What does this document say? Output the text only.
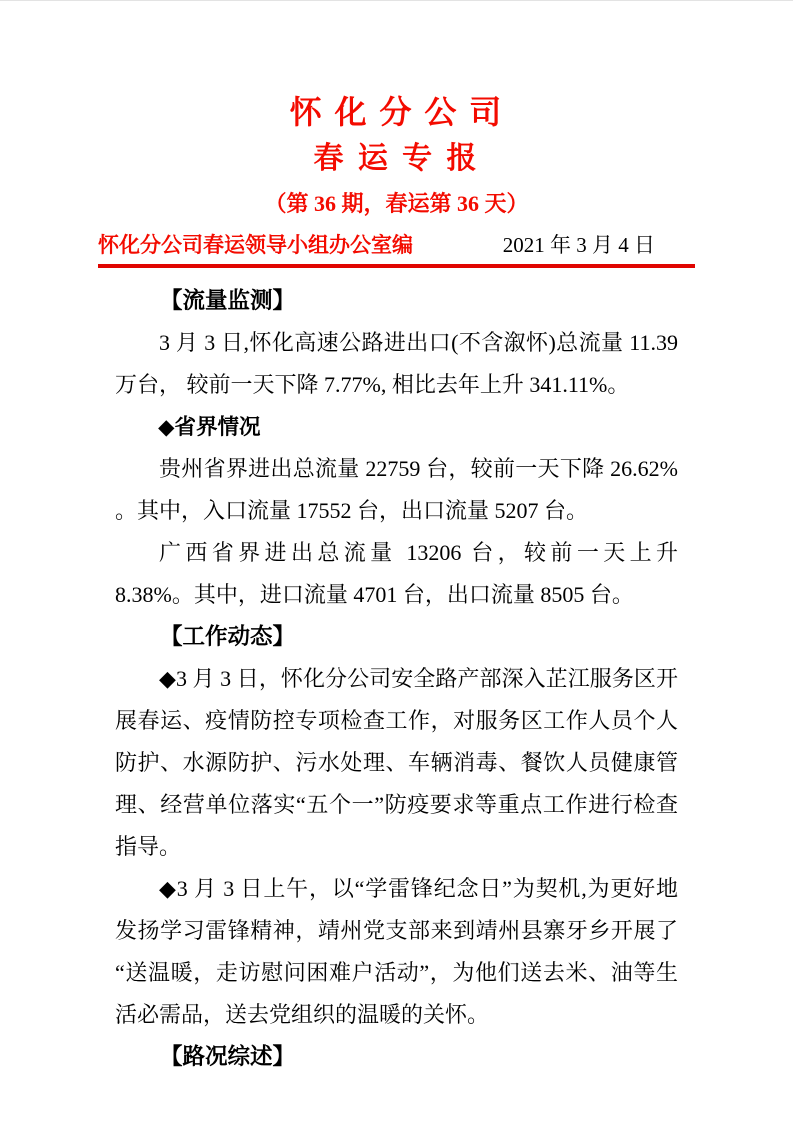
怀 化 分 公 司
春 运 专 报
（第 36 期，春运第 36 天）
怀化分公司春运领导小组办公室编	2021 年 3 月 4 日

【流量监测】

3 月 3 日,怀化高速公路进出口(不含溆怀)总流量 11.39 万台， 较前一天下降 7.77%, 相比去年上升 341.11%。

◆省界情况

贵州省界进出总流量 22759 台，较前一天下降 26.62% 。其中，入口流量 17552 台，出口流量 5207 台。

广西省界进出总流量 13206 台，较前一天上升 8.38%。其中，进口流量 4701 台，出口流量 8505 台。

【工作动态】

◆3 月 3 日，怀化分公司安全路产部深入芷江服务区开展春运、疫情防控专项检查工作，对服务区工作人员个人防护、水源防护、污水处理、车辆消毒、餐饮人员健康管理、经营单位落实“五个一”防疫要求等重点工作进行检查指导。

◆3 月 3 日上午，以“学雷锋纪念日”为契机,为更好地发扬学习雷锋精神，靖州党支部来到靖州县寨牙乡开展了“送温暖，走访慰问困难户活动”，为他们送去米、油等生活必需品，送去党组织的温暖的关怀。

【路况综述】
